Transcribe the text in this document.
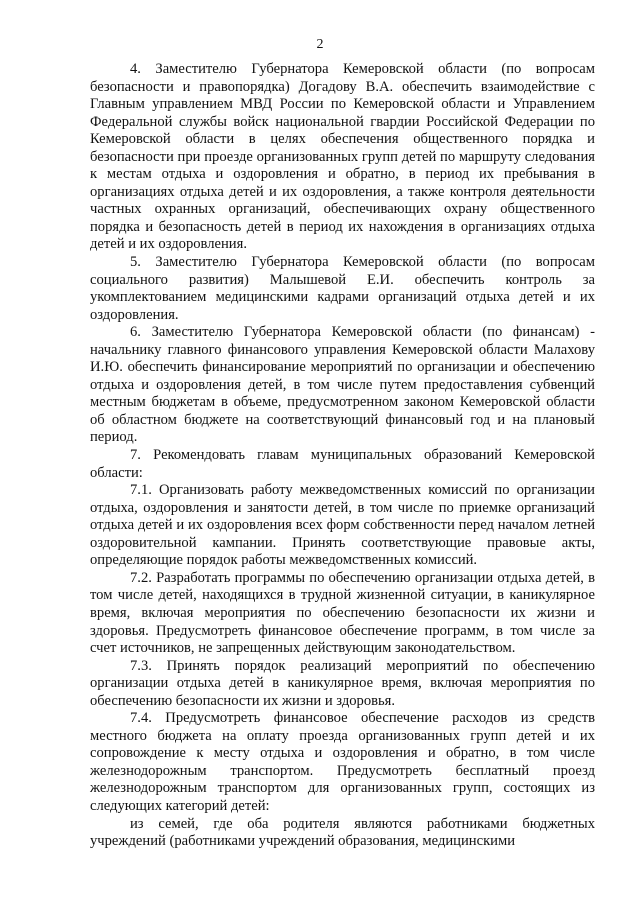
2

4. Заместителю Губернатора Кемеровской области (по вопросам безопасности и правопорядка) Догадову В.А. обеспечить взаимодействие с Главным управлением МВД России по Кемеровской области и Управлением Федеральной службы войск национальной гвардии Российской Федерации по Кемеровской области в целях обеспечения общественного порядка и безопасности при проезде организованных групп детей по маршруту следования к местам отдыха и оздоровления и обратно, в период их пребывания в организациях отдыха детей и их оздоровления, а также контроля деятельности частных охранных организаций, обеспечивающих охрану общественного порядка и безопасность детей в период их нахождения в организациях отдыха детей и их оздоровления.

5. Заместителю Губернатора Кемеровской области (по вопросам социального развития) Малышевой Е.И. обеспечить контроль за укомплектованием медицинскими кадрами организаций отдыха детей и их оздоровления.

6. Заместителю Губернатора Кемеровской области (по финансам) - начальнику главного финансового управления Кемеровской области Малахову И.Ю. обеспечить финансирование мероприятий по организации и обеспечению отдыха и оздоровления детей, в том числе путем предоставления субвенций местным бюджетам в объеме, предусмотренном законом Кемеровской области об областном бюджете на соответствующий финансовый год и на плановый период.

7. Рекомендовать главам муниципальных образований Кемеровской области:

7.1. Организовать работу межведомственных комиссий по организации отдыха, оздоровления и занятости детей, в том числе по приемке организаций отдыха детей и их оздоровления всех форм собственности перед началом летней оздоровительной кампании. Принять соответствующие правовые акты, определяющие порядок работы межведомственных комиссий.

7.2. Разработать программы по обеспечению организации отдыха детей, в том числе детей, находящихся в трудной жизненной ситуации, в каникулярное время, включая мероприятия по обеспечению безопасности их жизни и здоровья. Предусмотреть финансовое обеспечение программ, в том числе за счет источников, не запрещенных действующим законодательством.

7.3. Принять порядок реализаций мероприятий по обеспечению организации отдыха детей в каникулярное время, включая мероприятия по обеспечению безопасности их жизни и здоровья.

7.4. Предусмотреть финансовое обеспечение расходов из средств местного бюджета на оплату проезда организованных групп детей и их сопровождение к месту отдыха и оздоровления и обратно, в том числе железнодорожным транспортом. Предусмотреть бесплатный проезд железнодорожным транспортом для организованных групп, состоящих из следующих категорий детей:

из семей, где оба родителя являются работниками бюджетных учреждений (работниками учреждений образования, медицинскими
